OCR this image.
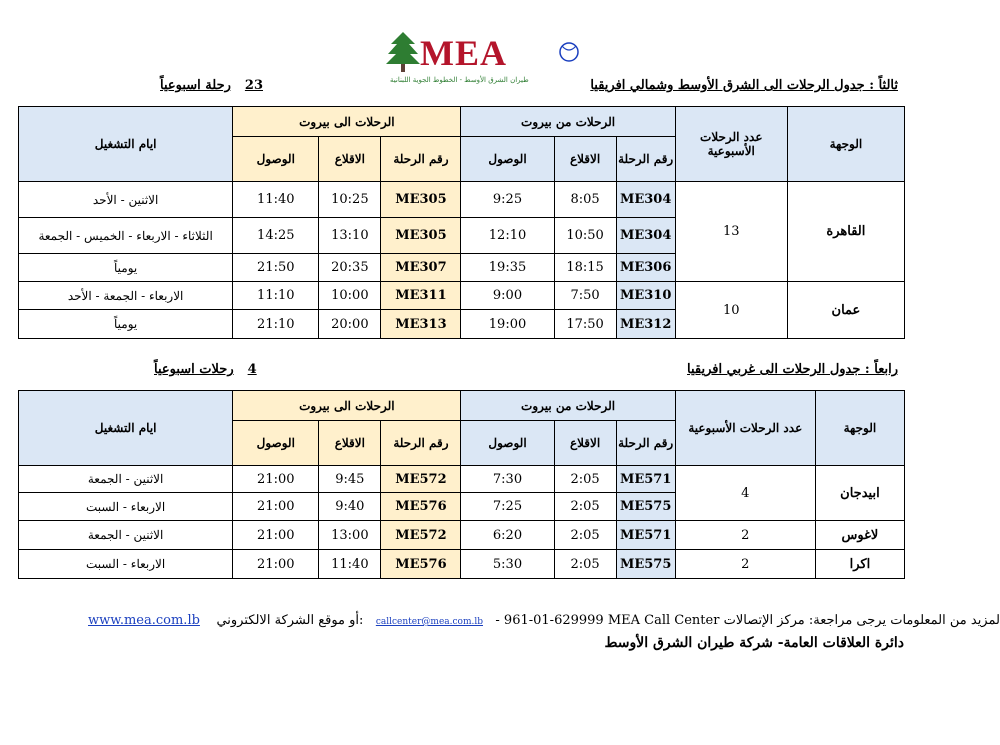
MEA
طيران الشرق الأوسط - الخطوط الجوية اللبنانية	ثالثاً : جدول الرحلات الى الشرق الأوسط وشمالي افريقيا
23رحلة اسبوعياً
ايام التشغيل	الرحلات الى بيروت			الرحلات من بيروت			عدد الرحلات الأسبوعية	الوجهة
	الوصول	الاقلاع	رقم الرحلة	الوصول	الاقلاع	رقم الرحلة		
الاثنين - الأحد	11:40	10:25	ME305	9:25	8:05	ME304	13	القاهرة
الثلاثاء - الاربعاء - الخميس - الجمعة	14:25	13:10	ME305	12:10	10:50	ME304		
يومياً	21:50	20:35	ME307	19:35	18:15	ME306		
الاربعاء - الجمعة - الأحد	11:10	10:00	ME311	9:00	7:50	ME310	10	عمان
يومياً	21:10	20:00	ME313	19:00	17:50	ME312		
رابعاً : جدول الرحلات الى غربي افريقيا
4رحلات اسبوعياً
ايام التشغيل	الرحلات الى بيروت			الرحلات من بيروت			عدد الرحلات الأسبوعية	الوجهة
	الوصول	الاقلاع	رقم الرحلة	الوصول	الاقلاع	رقم الرحلة		
الاثنين - الجمعة	21:00	9:45	ME572	7:30	2:05	ME571	4	ابيدجان
الاربعاء - السبت	21:00	9:40	ME576	7:25	2:05	ME575		
الاثنين - الجمعة	21:00	13:00	ME572	6:20	2:05	ME571	2	لاغوس
الاربعاء - السبت	21:00	11:40	ME576	5:30	2:05	ME575	2	اكرا
www.mea.com.lb أو موقع الشركة الالكتروني: callcenter@mea.com.lb - 961-01-629999 MEA Call Center لمزيد من المعلومات يرجى مراجعة: مركز الإتصالات
دائرة العلاقات العامة- شركة طيران الشرق الأوسط
